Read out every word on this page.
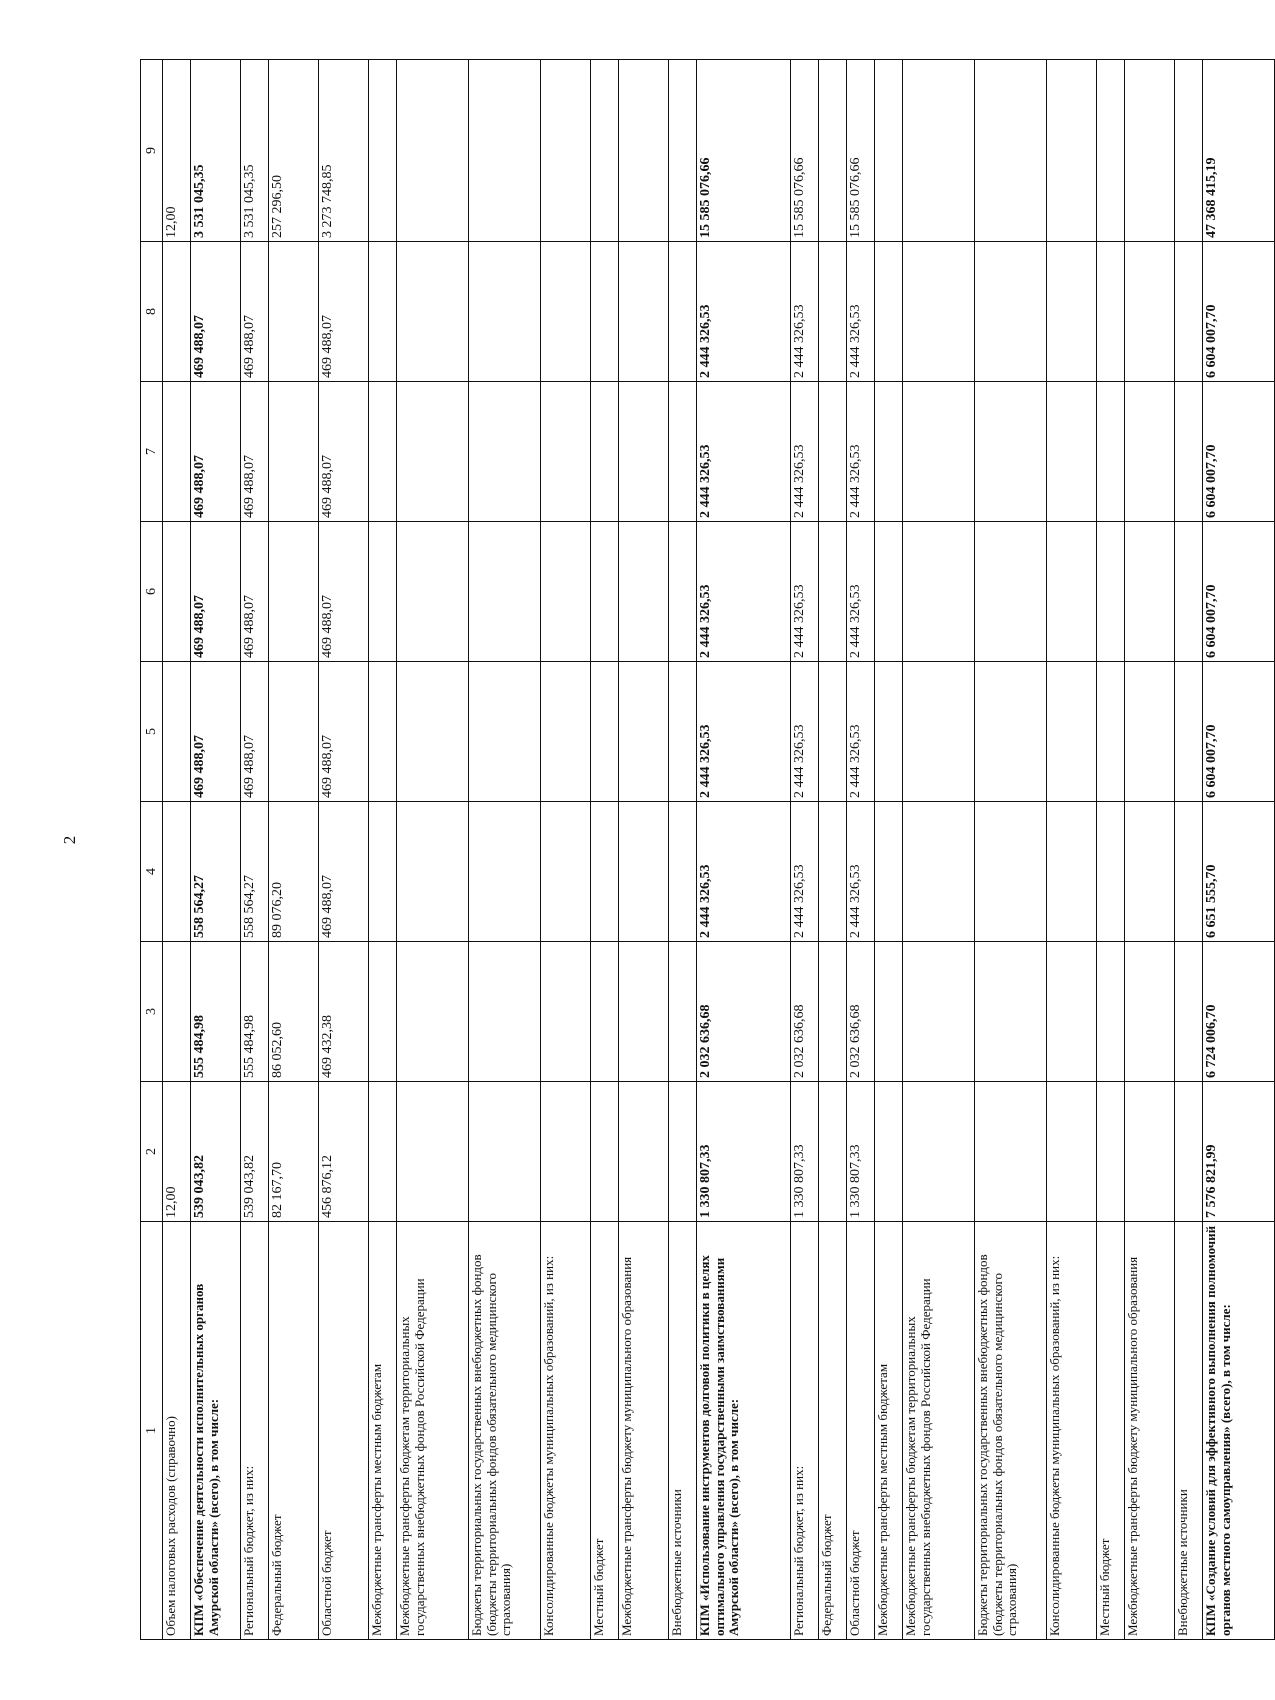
2
1	2	3	4	5	6	7	8	9
Объем налоговых расходов (справочно)	12,00							12,00
КПМ «Обеспечение деятельности исполнительных органов Амурской области» (всего), в том числе:	539 043,82	555 484,98	558 564,27	469 488,07	469 488,07	469 488,07	469 488,07	3 531 045,35
Региональный бюджет, из них:	539 043,82	555 484,98	558 564,27	469 488,07	469 488,07	469 488,07	469 488,07	3 531 045,35
Федеральный бюджет	82 167,70	86 052,60	89 076,20					257 296,50
Областной бюджет	456 876,12	469 432,38	469 488,07	469 488,07	469 488,07	469 488,07	469 488,07	3 273 748,85
Межбюджетные трансферты местным бюджетам								
Межбюджетные трансферты бюджетам территориальных государственных внебюджетных фондов Российской Федерации								
Бюджеты территориальных государственных внебюджетных фондов (бюджеты территориальных фондов обязательного медицинского страхования)								
Консолидированные бюджеты муниципальных образований, из них:								
Местный бюджет								
Межбюджетные трансферты бюджету муниципального образования								
Внебюджетные источники								
КПМ «Использование инструментов долговой политики в целях оптимального управления государственными заимствованиями Амурской области» (всего), в том числе:	1 330 807,33	2 032 636,68	2 444 326,53	2 444 326,53	2 444 326,53	2 444 326,53	2 444 326,53	15 585 076,66
Региональный бюджет, из них:	1 330 807,33	2 032 636,68	2 444 326,53	2 444 326,53	2 444 326,53	2 444 326,53	2 444 326,53	15 585 076,66
Федеральный бюджет								
Областной бюджет	1 330 807,33	2 032 636,68	2 444 326,53	2 444 326,53	2 444 326,53	2 444 326,53	2 444 326,53	15 585 076,66
Межбюджетные трансферты местным бюджетам								
Межбюджетные трансферты бюджетам территориальных государственных внебюджетных фондов Российской Федерации								
Бюджеты территориальных государственных внебюджетных фондов (бюджеты территориальных фондов обязательного медицинского страхования)								
Консолидированные бюджеты муниципальных образований, из них:								
Местный бюджет								
Межбюджетные трансферты бюджету муниципального образования								
Внебюджетные источники								
КПМ «Создание условий для эффективного выполнения полномочий органов местного самоуправления» (всего), в том числе:	7 576 821,99	6 724 006,70	6 651 555,70	6 604 007,70	6 604 007,70	6 604 007,70	6 604 007,70	47 368 415,19
